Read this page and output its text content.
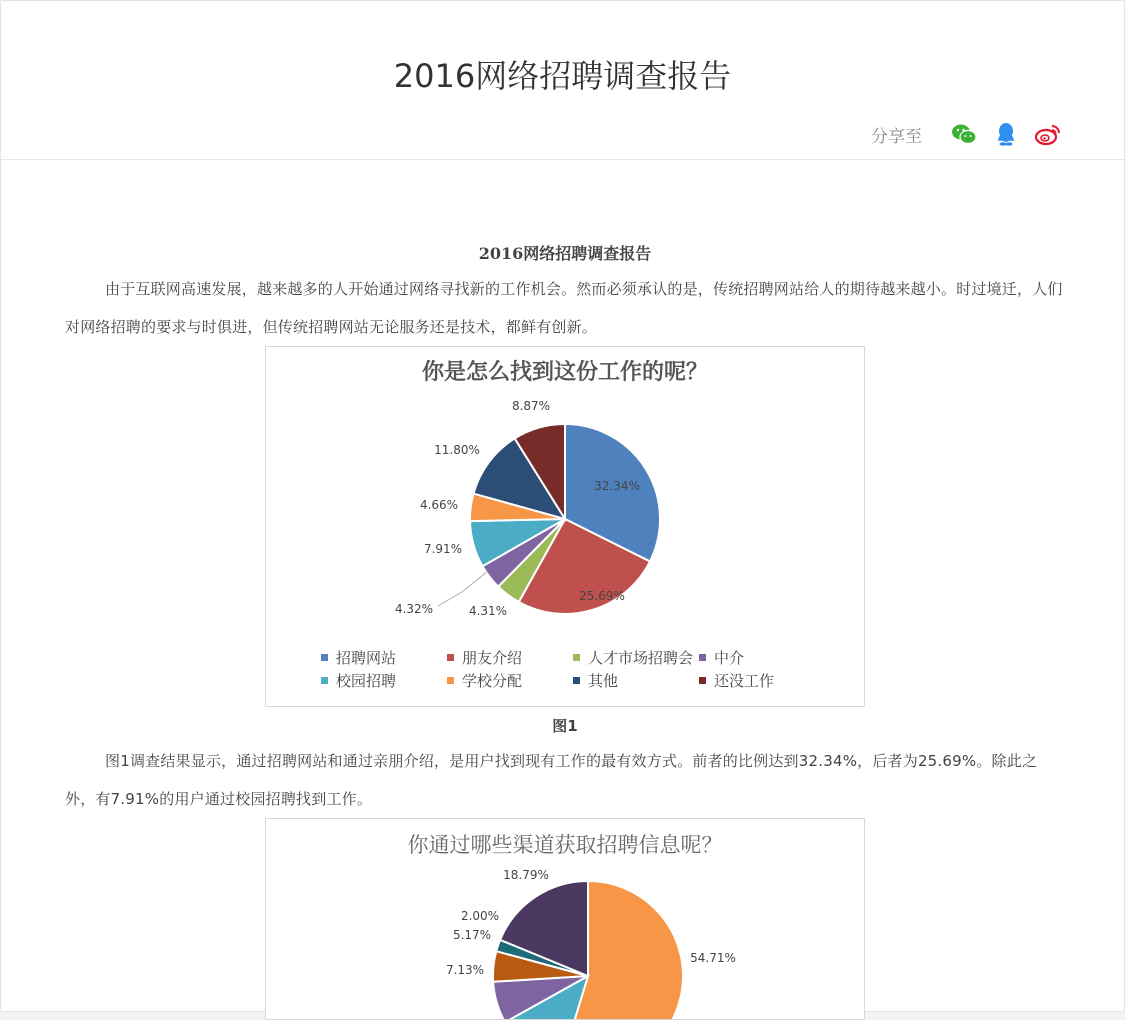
2016网络招聘调查报告
分享至
2016网络招聘调查报告

由于互联网高速发展，越来越多的人开始通过网络寻找新的工作机会。然而必须承认的是，传统招聘网站给人的期待越来越小。时过境迁，人们对网络招聘的要求与时俱进，但传统招聘网站无论服务还是技术，都鲜有创新。

你是怎么找到这份工作的呢？
32.34%
25.69%
4.31%
4.32%
7.91%
4.66%
11.80%
8.87%
招聘网站	朋友介绍	人才市场招聘会 中介
校园招聘	学校分配	其他	还没工作
图1

图1调查结果显示，通过招聘网站和通过亲朋介绍，是用户找到现有工作的最有效方式。前者的比例达到32.34%，后者为25.69%。除此之外，有7.91%的用户通过校园招聘找到工作。

你通过哪些渠道获取招聘信息呢？
54.71%
7.13%
5.17%
2.00%
18.79%
